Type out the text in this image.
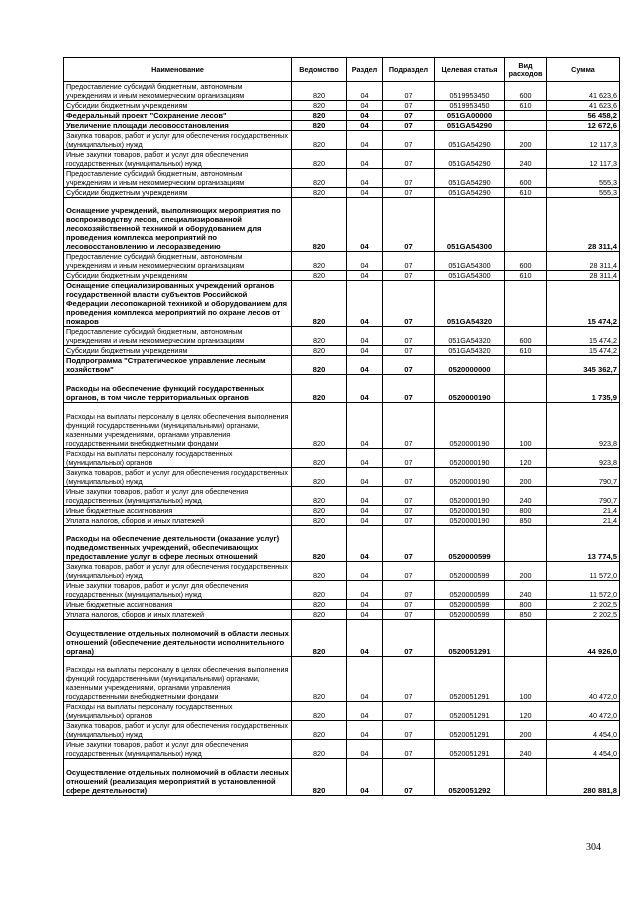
Наименование	Ведомство	Раздел	Подраздел	Целевая статья	Вид расходов	Сумма
Предоставление субсидий бюджетным, автономным учреждениям и иным некоммерческим организациям	820	04	07	0519953450	600	41 623,6
Субсидии бюджетным учреждениям	820	04	07	0519953450	610	41 623,6
Федеральный проект "Сохранение лесов"	820	04	07	051GA00000		56 458,2
Увеличение площади лесовосстановления	820	04	07	051GA54290		12 672,6
Закупка товаров, работ и услуг для обеспечения государственных (муниципальных) нужд	820	04	07	051GA54290	200	12 117,3
Иные закупки товаров, работ и услуг для обеспечения государственных (муниципальных) нужд	820	04	07	051GA54290	240	12 117,3
Предоставление субсидий бюджетным, автономным учреждениям и иным некоммерческим организациям	820	04	07	051GA54290	600	555,3
Субсидии бюджетным учреждениям	820	04	07	051GA54290	610	555,3
Оснащение учреждений, выполняющих мероприятия по воспроизводству лесов, специализированной лесохозяйственной техникой и оборудованием для проведения комплекса мероприятий по лесовосстановлению и лесоразведению	820	04	07	051GA54300		28 311,4
Предоставление субсидий бюджетным, автономным учреждениям и иным некоммерческим организациям	820	04	07	051GA54300	600	28 311,4
Субсидии бюджетным учреждениям	820	04	07	051GA54300	610	28 311,4
Оснащение специализированных учреждений органов государственной власти субъектов Российской Федерации лесопожарной техникой и оборудованием для проведения комплекса мероприятий по охране лесов от пожаров	820	04	07	051GA54320		15 474,2
Предоставление субсидий бюджетным, автономным учреждениям и иным некоммерческим организациям	820	04	07	051GA54320	600	15 474,2
Субсидии бюджетным учреждениям	820	04	07	051GA54320	610	15 474,2
Подпрограмма "Стратегическое управление лесным хозяйством"	820	04	07	0520000000		345 362,7
Расходы на обеспечение функций государственных органов, в том числе территориальных органов	820	04	07	0520000190		1 735,9
Расходы на выплаты персоналу в целях обеспечения выполнения функций государственными (муниципальными) органами, казенными учреждениями, органами управления государственными внебюджетными фондами	820	04	07	0520000190	100	923,8
Расходы на выплаты персоналу государственных (муниципальных) органов	820	04	07	0520000190	120	923,8
Закупка товаров, работ и услуг для обеспечения государственных (муниципальных) нужд	820	04	07	0520000190	200	790,7
Иные закупки товаров, работ и услуг для обеспечения государственных (муниципальных) нужд	820	04	07	0520000190	240	790,7
Иные бюджетные ассигнования	820	04	07	0520000190	800	21,4
Уплата налогов, сборов и иных платежей	820	04	07	0520000190	850	21,4
Расходы на обеспечение деятельности (оказание услуг) подведомственных учреждений, обеспечивающих предоставление услуг в сфере лесных отношений	820	04	07	0520000599		13 774,5
Закупка товаров, работ и услуг для обеспечения государственных (муниципальных) нужд	820	04	07	0520000599	200	11 572,0
Иные закупки товаров, работ и услуг для обеспечения государственных (муниципальных) нужд	820	04	07	0520000599	240	11 572,0
Иные бюджетные ассигнования	820	04	07	0520000599	800	2 202,5
Уплата налогов, сборов и иных платежей	820	04	07	0520000599	850	2 202,5
Осуществление отдельных полномочий в области лесных отношений (обеспечение деятельности исполнительного органа)	820	04	07	0520051291		44 926,0
Расходы на выплаты персоналу в целях обеспечения выполнения функций государственными (муниципальными) органами, казенными учреждениями, органами управления государственными внебюджетными фондами	820	04	07	0520051291	100	40 472,0
Расходы на выплаты персоналу государственных (муниципальных) органов	820	04	07	0520051291	120	40 472,0
Закупка товаров, работ и услуг для обеспечения государственных (муниципальных) нужд	820	04	07	0520051291	200	4 454,0
Иные закупки товаров, работ и услуг для обеспечения государственных (муниципальных) нужд	820	04	07	0520051291	240	4 454,0
Осуществление отдельных полномочий в области лесных отношений (реализация мероприятий в установленной сфере деятельности)	820	04	07	0520051292		280 881,8
304
